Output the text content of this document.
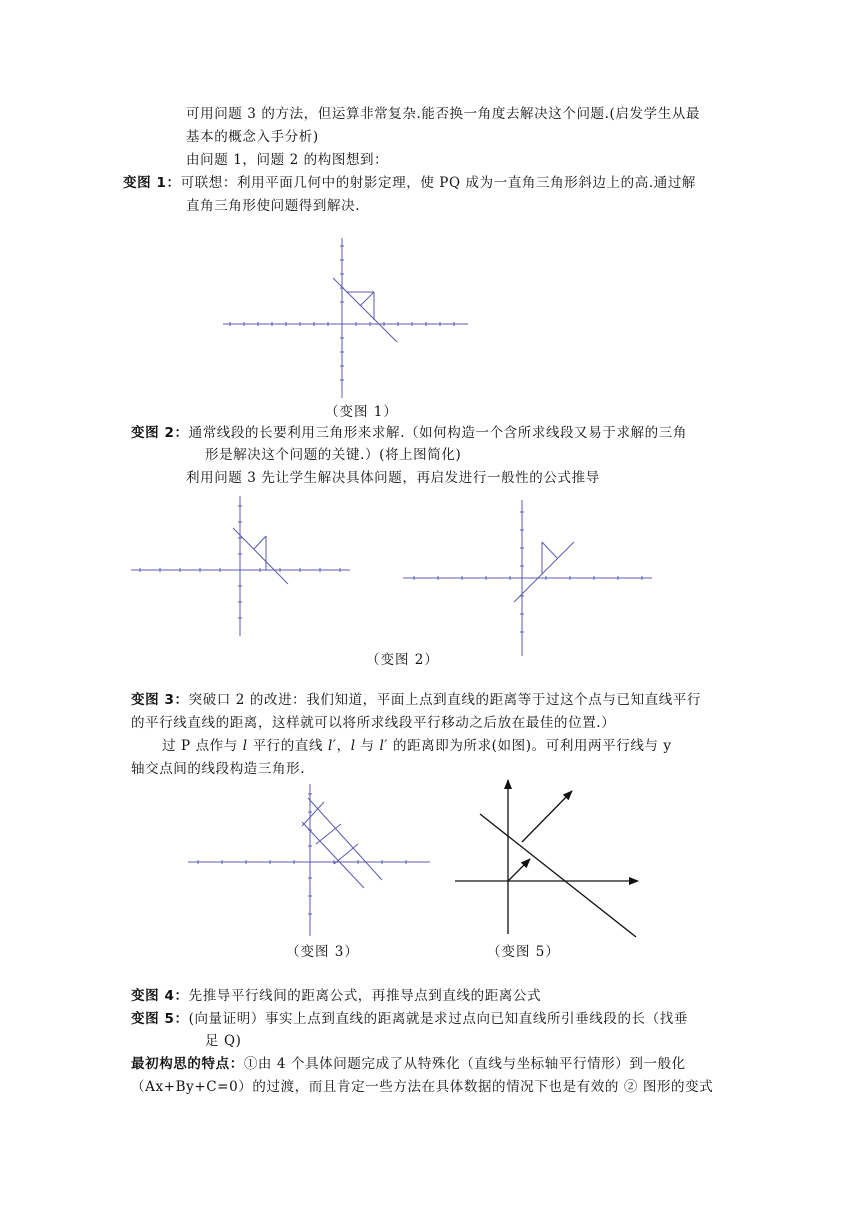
可用问题 3 的方法，但运算非常复杂.能否换一角度去解决这个问题.(启发学生从最
基本的概念入手分析)
由问题 1，问题 2 的构图想到：
变图 1：可联想：利用平面几何中的射影定理，使 PQ 成为一直角三角形斜边上的高.通过解
直角三角形使问题得到解决.
（变图 1）
变图 2：通常线段的长要利用三角形来求解.（如何构造一个含所求线段又易于求解的三角
形是解决这个问题的关键.）(将上图简化)
利用问题 3 先让学生解决具体问题，再启发进行一般性的公式推导
（变图 2）
变图 3：突破口 2 的改进：我们知道，平面上点到直线的距离等于过这个点与已知直线平行
的平行线直线的距离，这样就可以将所求线段平行移动之后放在最佳的位置.）
过 P 点作与 l 平行的直线 l′，l 与 l′ 的距离即为所求(如图)。可利用两平行线与 y
轴交点间的线段构造三角形.
（变图 3）	（变图 5）
变图 4：先推导平行线间的距离公式，再推导点到直线的距离公式
变图 5：(向量证明）事实上点到直线的距离就是求过点向已知直线所引垂线段的长（找垂
足 Q)
最初构思的特点：①由 4 个具体问题完成了从特殊化（直线与坐标轴平行情形）到一般化
（Ax+By+C=0）的过渡，而且肯定一些方法在具体数据的情况下也是有效的 ② 图形的变式
